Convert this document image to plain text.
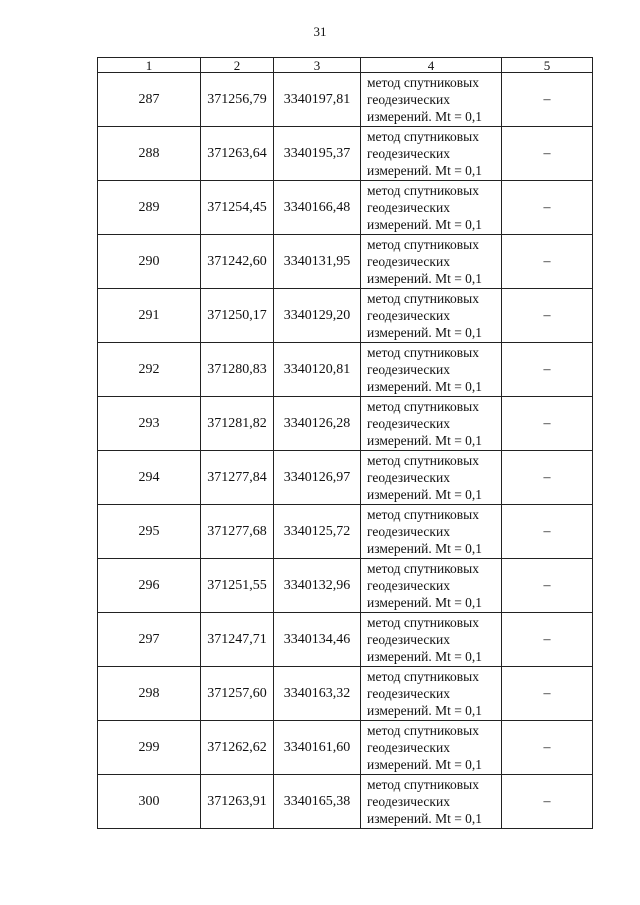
31
1	2	3	4	5
287	371256,79	3340197,81	метод спутниковых
геодезических
измерений. Mt = 0,1	–
288	371263,64	3340195,37	метод спутниковых
геодезических
измерений. Mt = 0,1	–
289	371254,45	3340166,48	метод спутниковых
геодезических
измерений. Mt = 0,1	–
290	371242,60	3340131,95	метод спутниковых
геодезических
измерений. Mt = 0,1	–
291	371250,17	3340129,20	метод спутниковых
геодезических
измерений. Mt = 0,1	–
292	371280,83	3340120,81	метод спутниковых
геодезических
измерений. Mt = 0,1	–
293	371281,82	3340126,28	метод спутниковых
геодезических
измерений. Mt = 0,1	–
294	371277,84	3340126,97	метод спутниковых
геодезических
измерений. Mt = 0,1	–
295	371277,68	3340125,72	метод спутниковых
геодезических
измерений. Mt = 0,1	–
296	371251,55	3340132,96	метод спутниковых
геодезических
измерений. Mt = 0,1	–
297	371247,71	3340134,46	метод спутниковых
геодезических
измерений. Mt = 0,1	–
298	371257,60	3340163,32	метод спутниковых
геодезических
измерений. Mt = 0,1	–
299	371262,62	3340161,60	метод спутниковых
геодезических
измерений. Mt = 0,1	–
300	371263,91	3340165,38	метод спутниковых
геодезических
измерений. Mt = 0,1	–
